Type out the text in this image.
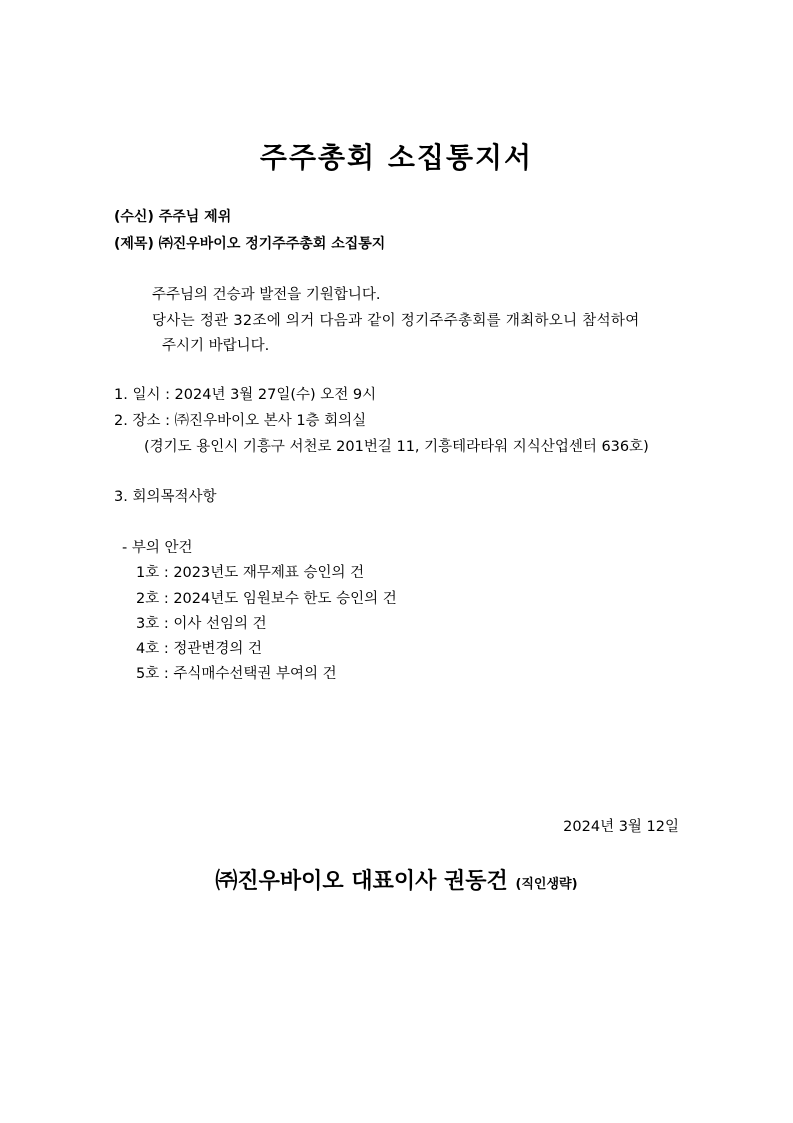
주주총회 소집통지서
(수신) 주주님 제위
(제목) ㈜진우바이오 정기주주총회 소집통지
주주님의 건승과 발전을 기원합니다.
당사는 정관 32조에 의거 다음과 같이 정기주주총회를 개최하오니 참석하여
주시기 바랍니다.
1. 일시 : 2024년 3월 27일(수) 오전 9시
2. 장소 : ㈜진우바이오 본사 1층 회의실
(경기도 용인시 기흥구 서천로 201번길 11, 기흥테라타워 지식산업센터 636호)
3. 회의목적사항
- 부의 안건
1호 : 2023년도 재무제표 승인의 건
2호 : 2024년도 임원보수 한도 승인의 건
3호 : 이사 선임의 건
4호 : 정관변경의 건
5호 : 주식매수선택권 부여의 건
2024년 3월 12일
㈜진우바이오 대표이사 권동건 (직인생략)
